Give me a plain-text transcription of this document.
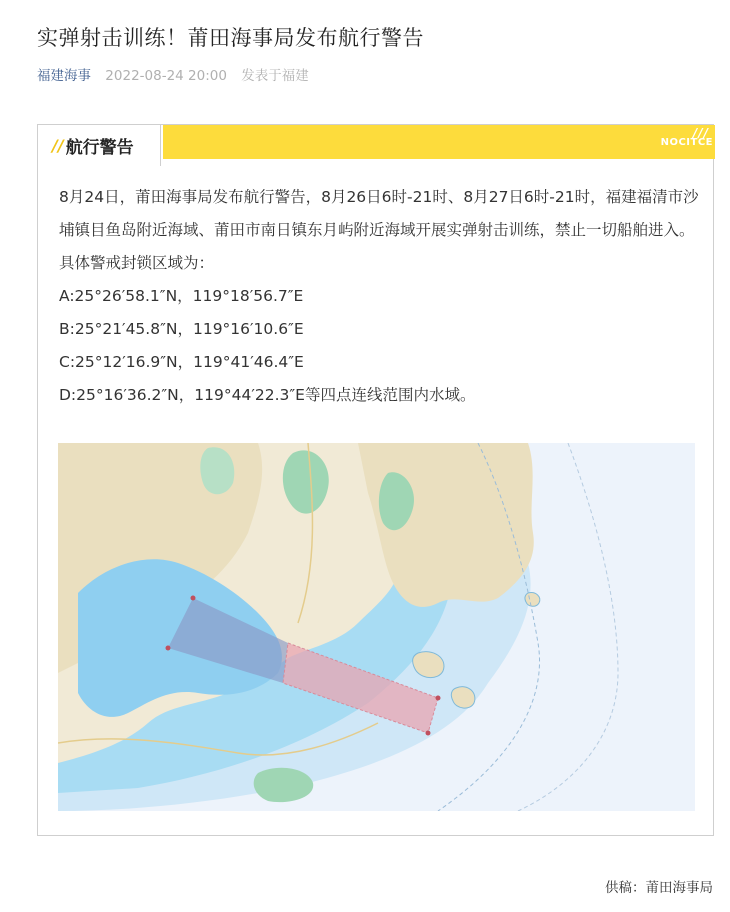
实弹射击训练！莆田海事局发布航行警告
福建海事 2022-08-24 20:00 发表于福建
// 航行警告
///
NOCITCE

8月24日，莆田海事局发布航行警告，8月26日6时-21时、8月27日6时-21时，福建福清市沙埔镇目鱼岛附近海域、莆田市南日镇东月屿附近海域开展实弹射击训练，禁止一切船舶进入。

具体警戒封锁区域为：

A:25°26′58.1″N，119°18′56.7″E

B:25°21′45.8″N，119°16′10.6″E

C:25°12′16.9″N，119°41′46.4″E

D:25°16′36.2″N，119°44′22.3″E等四点连线范围内水域。

供稿：莆田海事局
